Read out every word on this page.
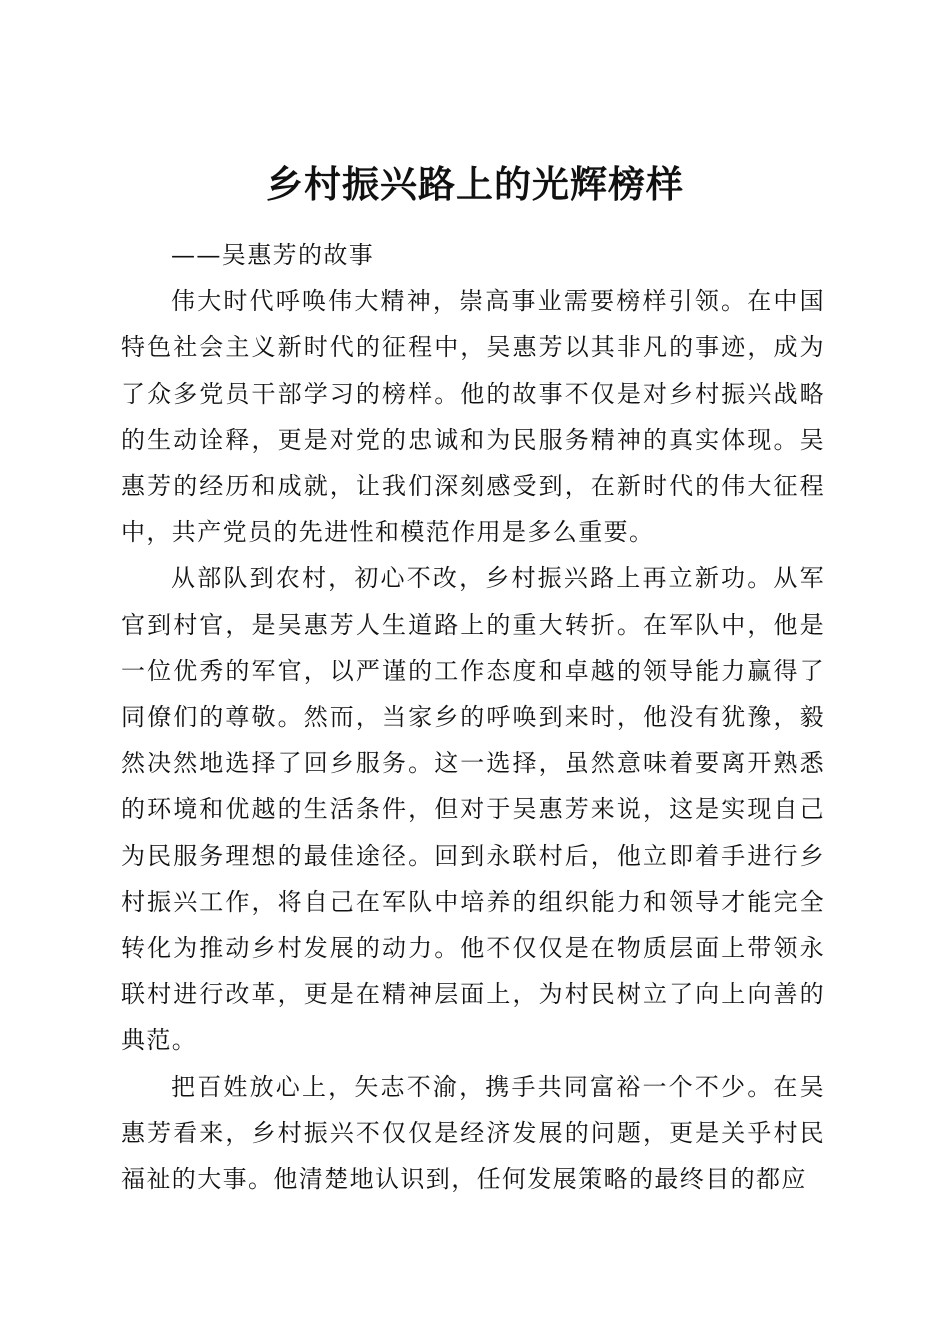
乡村振兴路上的光辉榜样

——吴惠芳的故事

伟大时代呼唤伟大精神，崇高事业需要榜样引领。在中国特色社会主义新时代的征程中，吴惠芳以其非凡的事迹，成为了众多党员干部学习的榜样。他的故事不仅是对乡村振兴战略的生动诠释，更是对党的忠诚和为民服务精神的真实体现。吴惠芳的经历和成就，让我们深刻感受到，在新时代的伟大征程中，共产党员的先进性和模范作用是多么重要。

从部队到农村，初心不改，乡村振兴路上再立新功。从军官到村官，是吴惠芳人生道路上的重大转折。在军队中，他是一位优秀的军官，以严谨的工作态度和卓越的领导能力赢得了同僚们的尊敬。然而，当家乡的呼唤到来时，他没有犹豫，毅然决然地选择了回乡服务。这一选择，虽然意味着要离开熟悉的环境和优越的生活条件，但对于吴惠芳来说，这是实现自己为民服务理想的最佳途径。回到永联村后，他立即着手进行乡村振兴工作，将自己在军队中培养的组织能力和领导才能完全转化为推动乡村发展的动力。他不仅仅是在物质层面上带领永联村进行改革，更是在精神层面上，为村民树立了向上向善的典范。

把百姓放心上，矢志不渝，携手共同富裕一个不少。在吴惠芳看来，乡村振兴不仅仅是经济发展的问题，更是关乎村民福祉的大事。他清楚地认识到，任何发展策略的最终目的都应
